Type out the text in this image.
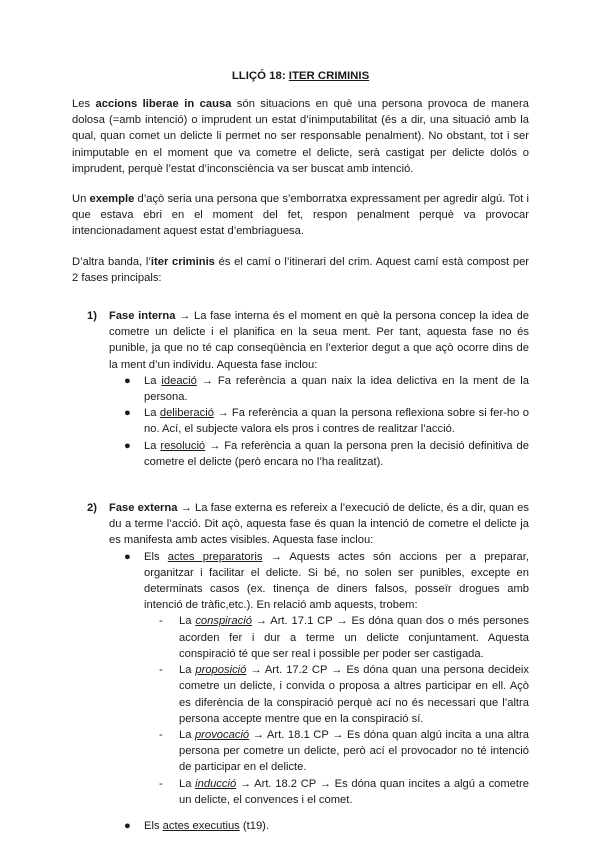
LLIÇÓ 18: ITER CRIMINIS

Les accions liberae in causa són situacions en què una persona provoca de manera dolosa (=amb intenció) o imprudent un estat d’inimputabilitat (és a dir, una situació amb la qual, quan comet un delicte li permet no ser responsable penalment). No obstant, tot i ser inimputable en el moment que va cometre el delicte, serà castigat per delicte dolós o imprudent, perquè l’estat d’inconsciència va ser buscat amb intenció.

Un exemple d’açò seria una persona que s’emborratxa expressament per agredir algú. Tot i que estava ebri en el moment del fet, respon penalment perquè va provocar intencionadament aquest estat d’embriaguesa.

D’altra banda, l’iter criminis és el camí o l’itinerari del crim. Aquest camí està compost per 2 fases principals:

1) Fase interna → La fase interna és el moment en què la persona concep la idea de cometre un delicte i el planifica en la seua ment. Per tant, aquesta fase no és punible, ja que no té cap conseqüència en l’exterior degut a que açò ocorre dins de la ment d’un individu. Aquesta fase inclou:
● La ideació → Fa referència a quan naix la idea delictiva en la ment de la persona.
● La deliberació → Fa referència a quan la persona reflexiona sobre si fer-ho o no. Ací, el subjecte valora els pros i contres de realitzar l’acció.
● La resolució → Fa referència a quan la persona pren la decisió definitiva de cometre el delicte (però encara no l’ha realitzat).
2) Fase externa → La fase externa es refereix a l’execució de delicte, és a dir, quan es du a terme l’acció. Dit açò, aquesta fase és quan la intenció de cometre el delicte ja es manifesta amb actes visibles. Aquesta fase inclou:
● Els actes preparatoris → Aquests actes són accions per a preparar, organitzar i facilitar el delicte. Si bé, no solen ser punibles, excepte en determinats casos (ex. tinença de diners falsos, posseïr drogues amb intenció de tràfic,etc.). En relació amb aquests, trobem:
- La conspiració → Art. 17.1 CP → Es dóna quan dos o més persones acorden fer i dur a terme un delicte conjuntament. Aquesta conspiració té que ser real i possible per poder ser castigada.
- La proposició → Art. 17.2 CP → Es dóna quan una persona decideix cometre un delicte, i convida o proposa a altres participar en ell. Açò es diferència de la conspiració perquè ací no és necessari que l’altra persona accepte mentre que en la conspiració sí.
- La provocació → Art. 18.1 CP → Es dóna quan algú incita a una altra persona per cometre un delicte, però ací el provocador no té intenció de participar en el delicte.
- La inducció → Art. 18.2 CP → Es dóna quan incites a algú a cometre un delicte, el convences i el comet.
● Els actes executius (t19).
